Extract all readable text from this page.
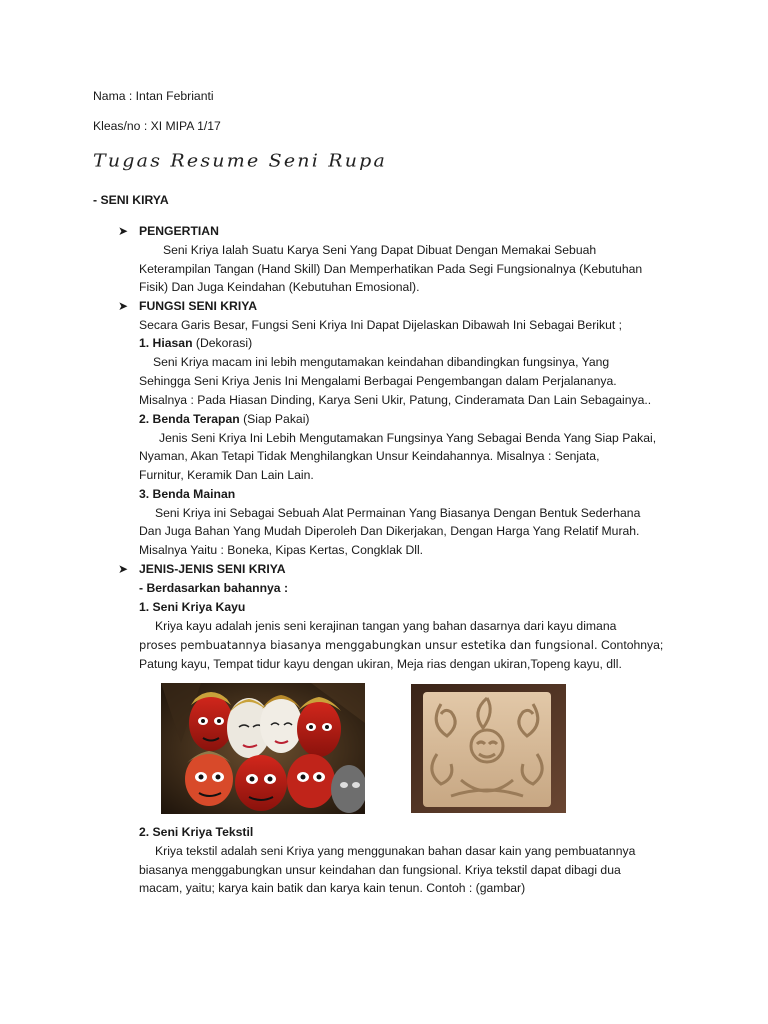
Nama : Intan Febrianti
Kleas/no : XI MIPA 1/17
Tugas Resume Seni Rupa
- SENI KIRYA
➤ PENGERTIAN
Seni Kriya Ialah Suatu Karya Seni Yang Dapat Dibuat Dengan Memakai Sebuah
Keterampilan Tangan (Hand Skill) Dan Memperhatikan Pada Segi Fungsionalnya (Kebutuhan
Fisik) Dan Juga Keindahan (Kebutuhan Emosional).
➤ FUNGSI SENI KRIYA
Secara Garis Besar, Fungsi Seni Kriya Ini Dapat Dijelaskan Dibawah Ini Sebagai Berikut ;
1. Hiasan (Dekorasi)
Seni Kriya macam ini lebih mengutamakan keindahan dibandingkan fungsinya, Yang
Sehingga Seni Kriya Jenis Ini Mengalami Berbagai Pengembangan dalam Perjalananya.
Misalnya : Pada Hiasan Dinding, Karya Seni Ukir, Patung, Cinderamata Dan Lain Sebagainya..
2. Benda Terapan (Siap Pakai)
Jenis Seni Kriya Ini Lebih Mengutamakan Fungsinya Yang Sebagai Benda Yang Siap Pakai,
Nyaman, Akan Tetapi Tidak Menghilangkan Unsur Keindahannya. Misalnya : Senjata,
Furnitur, Keramik Dan Lain Lain.
3. Benda Mainan
Seni Kriya ini Sebagai Sebuah Alat Permainan Yang Biasanya Dengan Bentuk Sederhana
Dan Juga Bahan Yang Mudah Diperoleh Dan Dikerjakan, Dengan Harga Yang Relatif Murah.
Misalnya Yaitu : Boneka, Kipas Kertas, Congklak Dll.
➤ JENIS-JENIS SENI KRIYA
- Berdasarkan bahannya :
1. Seni Kriya Kayu
Kriya kayu adalah jenis seni kerajinan tangan yang bahan dasarnya dari kayu dimana
proses pembuatannya biasanya menggabungkan unsur estetika dan fungsional. Contohnya;
Patung kayu, Tempat tidur kayu dengan ukiran, Meja rias dengan ukiran,Topeng kayu, dll.
2. Seni Kriya Tekstil
Kriya tekstil adalah seni Kriya yang menggunakan bahan dasar kain yang pembuatannya
biasanya menggabungkan unsur keindahan dan fungsional. Kriya tekstil dapat dibagi dua
macam, yaitu; karya kain batik dan karya kain tenun. Contoh : (gambar)
